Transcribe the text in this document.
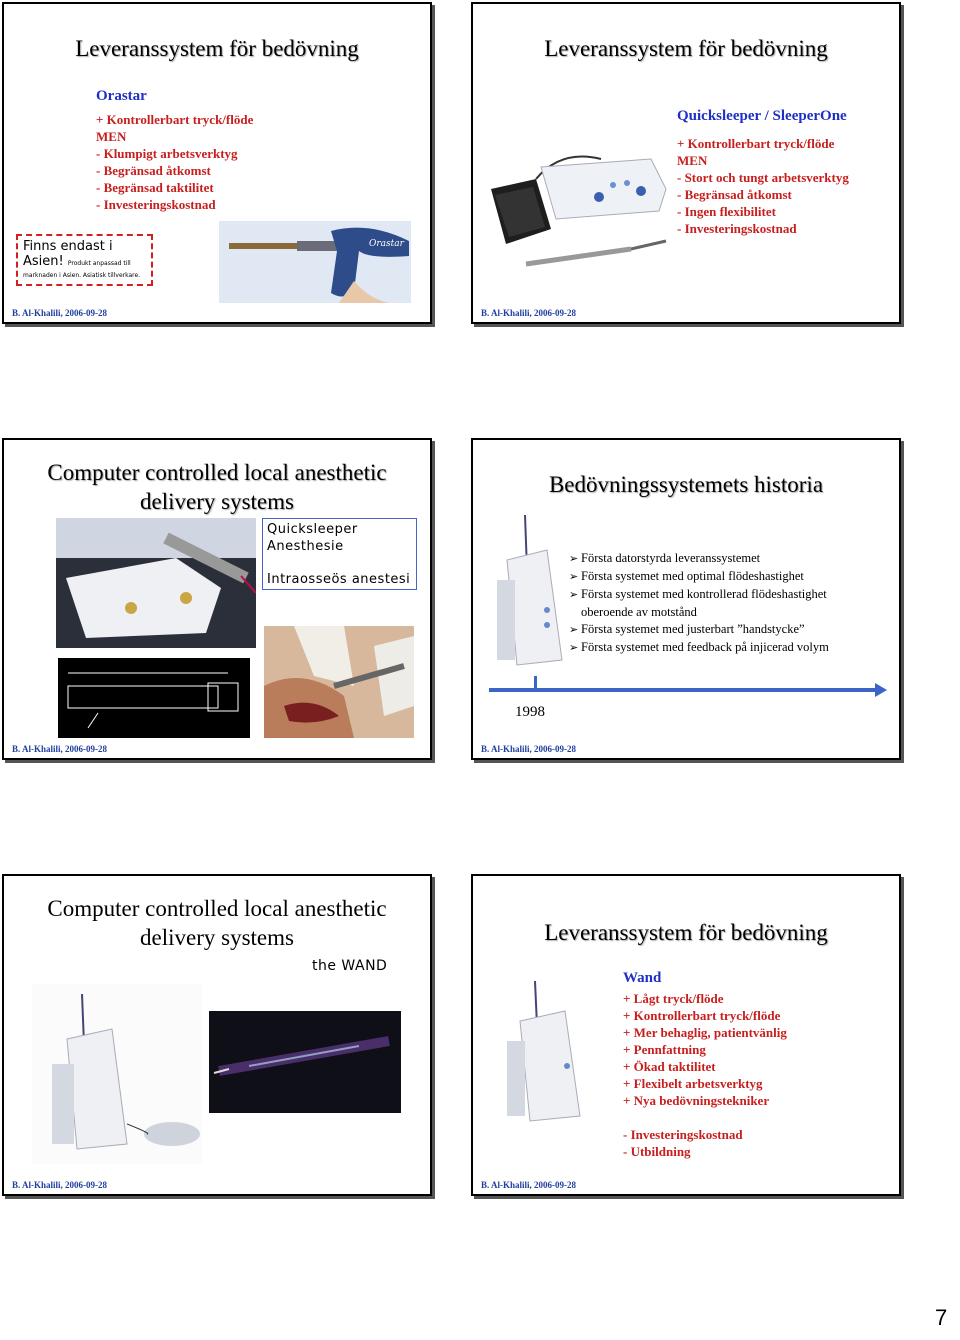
Leveranssystem för bedövning
Orastar
+ Kontrollerbart tryck/flöde
MEN
- Klumpigt arbetsverktyg
- Begränsad åtkomst
- Begränsad taktilitet
- Investeringskostnad
Finns endast i
Asien! Produkt anpassad till
marknaden i Asien. Asiatisk tillverkare.
Orastar
B. Al-Khalili, 2006-09-28
Leveranssystem för bedövning
Quicksleeper / SleeperOne
+ Kontrollerbart tryck/flöde
MEN
- Stort och tungt arbetsverktyg
- Begränsad åtkomst
- Ingen flexibilitet
- Investeringskostnad
B. Al-Khalili, 2006-09-28
Computer controlled local anesthetic
delivery systems
Quicksleeper
Anesthesie
Intraosseös anestesi
B. Al-Khalili, 2006-09-28
Bedövningssystemets historia
➢ Första datorstyrda leveranssystemet
➢ Första systemet med optimal flödeshastighet
➢ Första systemet med kontrollerad flödeshastighet
oberoende av motstånd
➢ Första systemet med justerbart ”handstycke”
➢ Första systemet med feedback på injicerad volym
1998
B. Al-Khalili, 2006-09-28
Computer controlled local anesthetic
delivery systems
the WAND
B. Al-Khalili, 2006-09-28
Leveranssystem för bedövning
Wand
+ Lågt tryck/flöde
+ Kontrollerbart tryck/flöde
+ Mer behaglig, patientvänlig
+ Pennfattning
+ Ökad taktilitet
+ Flexibelt arbetsverktyg
+ Nya bedövningstekniker
- Investeringskostnad
- Utbildning
B. Al-Khalili, 2006-09-28
7
